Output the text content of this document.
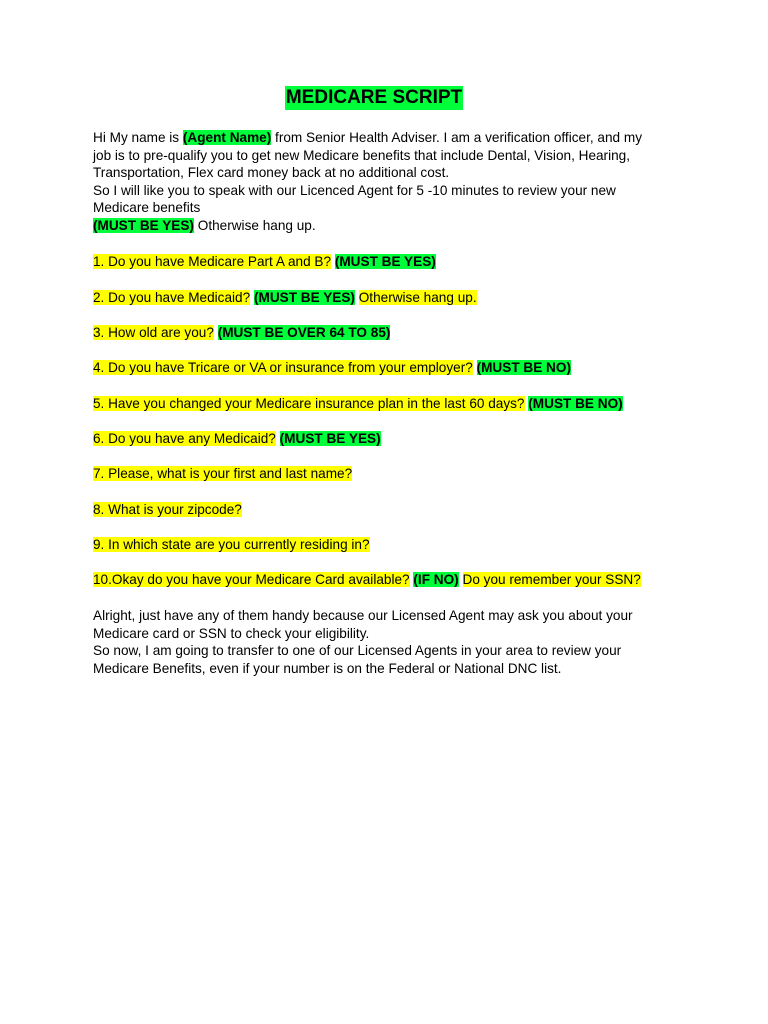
MEDICARE SCRIPT
Hi My name is (Agent Name) from Senior Health Adviser. I am a verification officer, and my
job is to pre-qualify you to get new Medicare benefits that include Dental, Vision, Hearing,
Transportation, Flex card money back at no additional cost.
So I will like you to speak with our Licenced Agent for 5 -10 minutes to review your new
Medicare benefits
(MUST BE YES) Otherwise hang up.
1. Do you have Medicare Part A and B? (MUST BE YES)
2. Do you have Medicaid? (MUST BE YES) Otherwise hang up.
3. How old are you? (MUST BE OVER 64 TO 85)
4. Do you have Tricare or VA or insurance from your employer? (MUST BE NO)
5. Have you changed your Medicare insurance plan in the last 60 days? (MUST BE NO)
6. Do you have any Medicaid? (MUST BE YES)
7. Please, what is your first and last name?
8. What is your zipcode?
9. In which state are you currently residing in?
10.Okay do you have your Medicare Card available? (IF NO) Do you remember your SSN?
Alright, just have any of them handy because our Licensed Agent may ask you about your
Medicare card or SSN to check your eligibility.
So now, I am going to transfer to one of our Licensed Agents in your area to review your
Medicare Benefits, even if your number is on the Federal or National DNC list.
